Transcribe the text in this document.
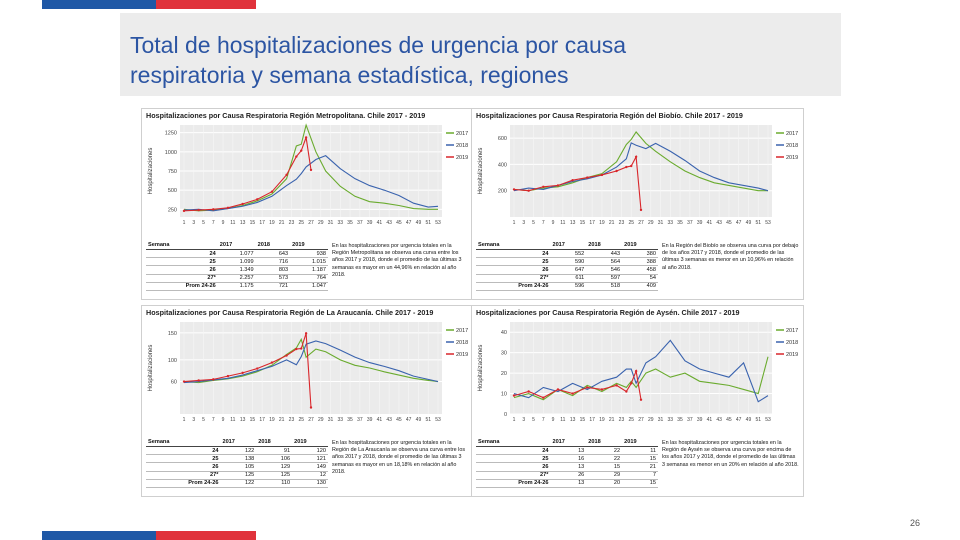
Total de hospitalizaciones de urgencia por causa
respiratoria y semana estadística, regiones
Hospitalizaciones por Causa Respiratoria Región Metropolitana. Chile 2017 - 2019
250
500
750
1000
1250
1 3 5 7 9 11 13 15 17 19 21 23 25 27 29 31 33 35 37 39 41 43 45 47 49 51 53
Hospitalizaciones
2017
2018
2019
Semana	2017	2018	2019
24	1.077	643	938
25	1.099	716	1.015
26	1.349	803	1.187
27*	2.257	573	764
Prom 24-26	1.175	721	1.047
En las hospitalizaciones por urgencia totales en la Región Metropolitana se observa una curva entre los años 2017 y 2018, donde el promedio de las últimas 3 semanas es mayor en un 44,96% en relación al año 2018.
Hospitalizaciones por Causa Respiratoria Región del Biobío. Chile 2017 - 2019
200
400
600
1 3 5 7 9 11 13 15 17 19 21 23 25 27 29 31 33 35 37 39 41 43 45 47 49 51 53
Hospitalizaciones
2017
2018
2019
Semana	2017	2018	2019
24	552	443	380
25	590	564	388
26	647	546	458
27*	611	597	54
Prom 24-26	596	518	409
En la Región del Biobío se observa una curva por debajo de los años 2017 y 2018, donde el promedio de las últimas 3 semanas es menor en un 10,96% en relación al año 2018.
Hospitalizaciones por Causa Respiratoria Región de La Araucanía. Chile 2017 - 2019
60
100
150
1 3 5 7 9 11 13 15 17 19 21 23 25 27 29 31 33 35 37 39 41 43 45 47 49 51 53
Hospitalizaciones
2017
2018
2019
Semana	2017	2018	2019
24	122	91	120
25	138	106	121
26	105	129	149
27*	125	125	12
Prom 24-26	122	110	130
En las hospitalizaciones por urgencia totales en la Región de La Araucanía se observa una curva entre los años 2017 y 2018, donde el promedio de las últimas 3 semanas es mayor en un 18,18% en relación al año 2018.
Hospitalizaciones por Causa Respiratoria Región de Aysén. Chile 2017 - 2019
0
10
20
30
40
1 3 5 7 9 11 13 15 17 19 21 23 25 27 29 31 33 35 37 39 41 43 45 47 49 51 53
Hospitalizaciones
2017
2018
2019
Semana	2017	2018	2019
24	13	22	11
25	16	22	15
26	13	15	21
27*	26	29	7
Prom 24-26	13	20	15
En las hospitalizaciones por urgencia totales en la Región de Aysén se observa una curva por encima de los años 2017 y 2018, donde el promedio de las últimas 3 semanas es menor en un 20% en relación al año 2018.
26
